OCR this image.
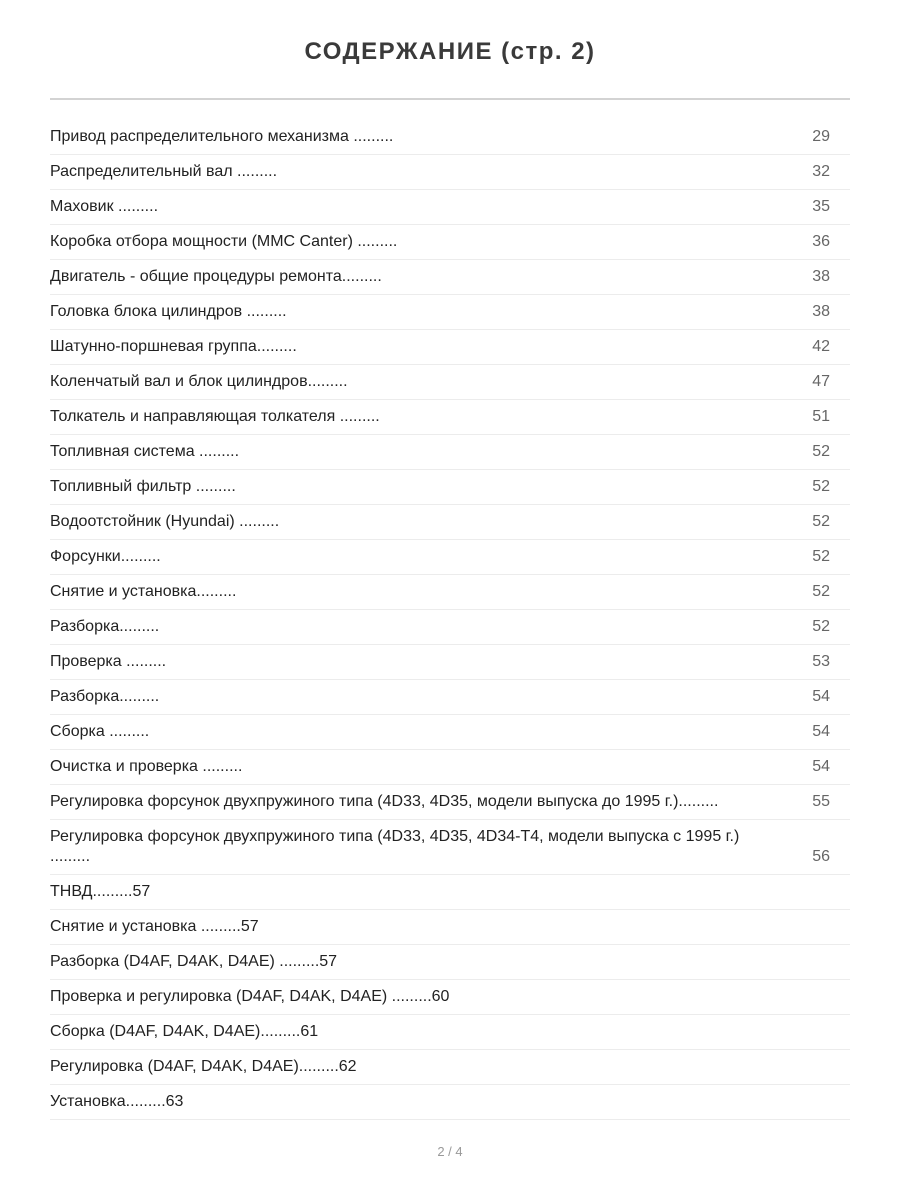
СОДЕРЖАНИЕ (стр. 2)
Привод распределительного механизма .........	29
Распределительный вал .........	32
Маховик .........	35
Коробка отбора мощности (MMC Canter) .........	36
Двигатель - общие процедуры ремонта.........	38
Головка блока цилиндров .........	38
Шатунно-поршневая группа.........	42
Коленчатый вал и блок цилиндров.........	47
Толкатель и направляющая толкателя .........	51
Топливная система .........	52
Топливный фильтр .........	52
Водоотстойник (Hyundai) .........	52
Форсунки.........	52
Снятие и установка.........	52
Разборка.........	52
Проверка .........	53
Разборка.........	54
Сборка .........	54
Очистка и проверка .........	54
Регулировка форсунок двухпружиного типа (4D33, 4D35, модели выпуска до 1995 г.).........	55
Регулировка форсунок двухпружиного типа (4D33, 4D35, 4D34-T4, модели выпуска с 1995 г.) .........	56
ТНВД.........57
Снятие и установка .........57
Разборка (D4AF, D4AK, D4AE) .........57
Проверка и регулировка (D4AF, D4AK, D4AE) .........60
Сборка (D4AF, D4AK, D4AE).........61
Регулировка (D4AF, D4AK, D4AE).........62
Установка.........63
2 / 4
